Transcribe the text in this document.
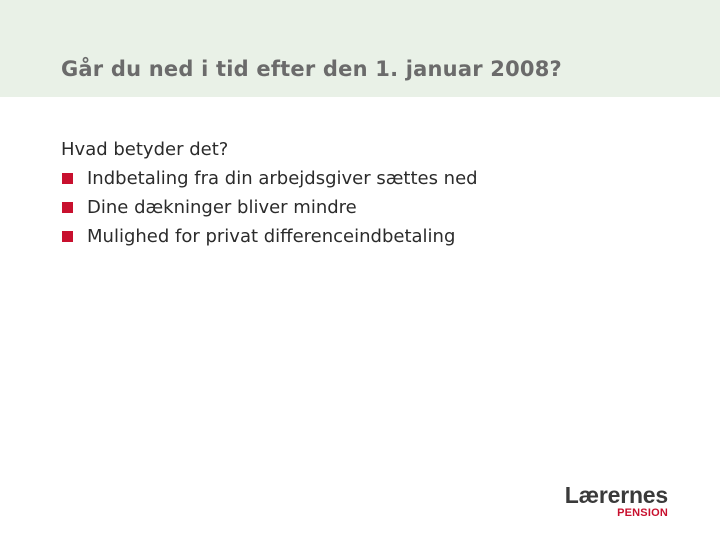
Går du ned i tid efter den 1. januar 2008?

Hvad betyder det?

Indbetaling fra din arbejdsgiver sættes ned
Dine dækninger bliver mindre
Mulighed for privat differenceindbetaling
Lærernes
PENSION
